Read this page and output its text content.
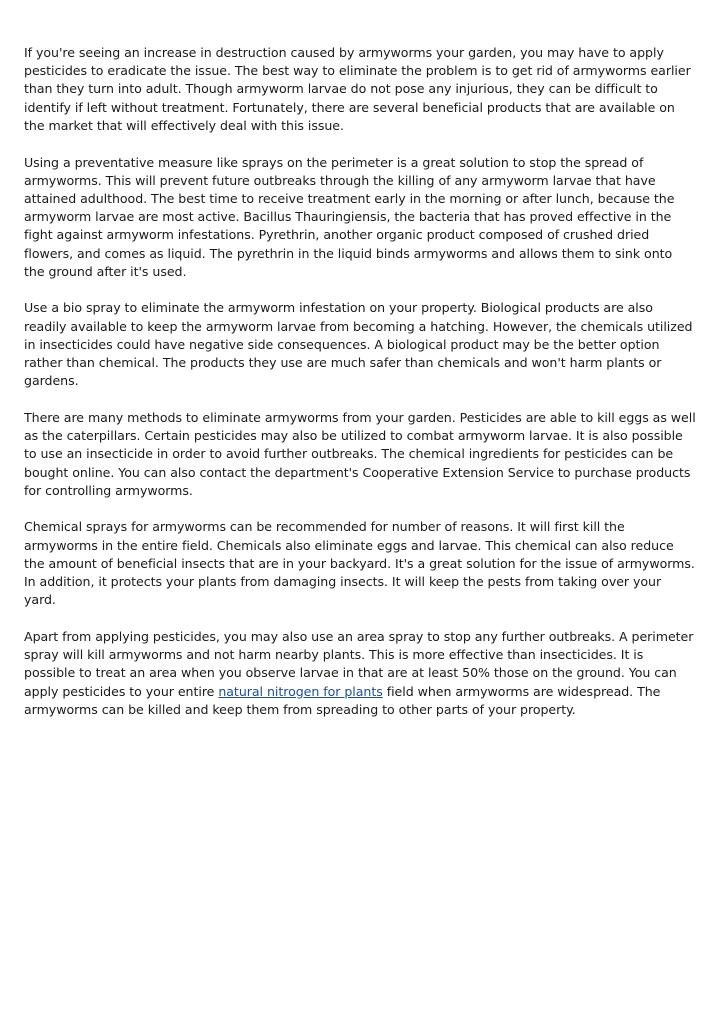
If you're seeing an increase in destruction caused by armyworms your garden, you may have to apply pesticides to eradicate the issue. The best way to eliminate the problem is to get rid of armyworms earlier than they turn into adult. Though armyworm larvae do not pose any injurious, they can be difficult to identify if left without treatment. Fortunately, there are several beneficial products that are available on the market that will effectively deal with this issue.

Using a preventative measure like sprays on the perimeter is a great solution to stop the spread of armyworms. This will prevent future outbreaks through the killing of any armyworm larvae that have attained adulthood. The best time to receive treatment early in the morning or after lunch, because the armyworm larvae are most active. Bacillus Thauringiensis, the bacteria that has proved effective in the fight against armyworm infestations. Pyrethrin, another organic product composed of crushed dried flowers, and comes as liquid. The pyrethrin in the liquid binds armyworms and allows them to sink onto the ground after it's used.

Use a bio spray to eliminate the armyworm infestation on your property. Biological products are also readily available to keep the armyworm larvae from becoming a hatching. However, the chemicals utilized in insecticides could have negative side consequences. A biological product may be the better option rather than chemical. The products they use are much safer than chemicals and won't harm plants or gardens.

There are many methods to eliminate armyworms from your garden. Pesticides are able to kill eggs as well as the caterpillars. Certain pesticides may also be utilized to combat armyworm larvae. It is also possible to use an insecticide in order to avoid further outbreaks. The chemical ingredients for pesticides can be bought online. You can also contact the department's Cooperative Extension Service to purchase products for controlling armyworms.

Chemical sprays for armyworms can be recommended for number of reasons. It will first kill the armyworms in the entire field. Chemicals also eliminate eggs and larvae. This chemical can also reduce the amount of beneficial insects that are in your backyard. It's a great solution for the issue of armyworms. In addition, it protects your plants from damaging insects. It will keep the pests from taking over your yard.

Apart from applying pesticides, you may also use an area spray to stop any further outbreaks. A perimeter spray will kill armyworms and not harm nearby plants. This is more effective than insecticides. It is possible to treat an area when you observe larvae in that are at least 50% those on the ground. You can apply pesticides to your entire natural nitrogen for plants field when armyworms are widespread. The armyworms can be killed and keep them from spreading to other parts of your property.
